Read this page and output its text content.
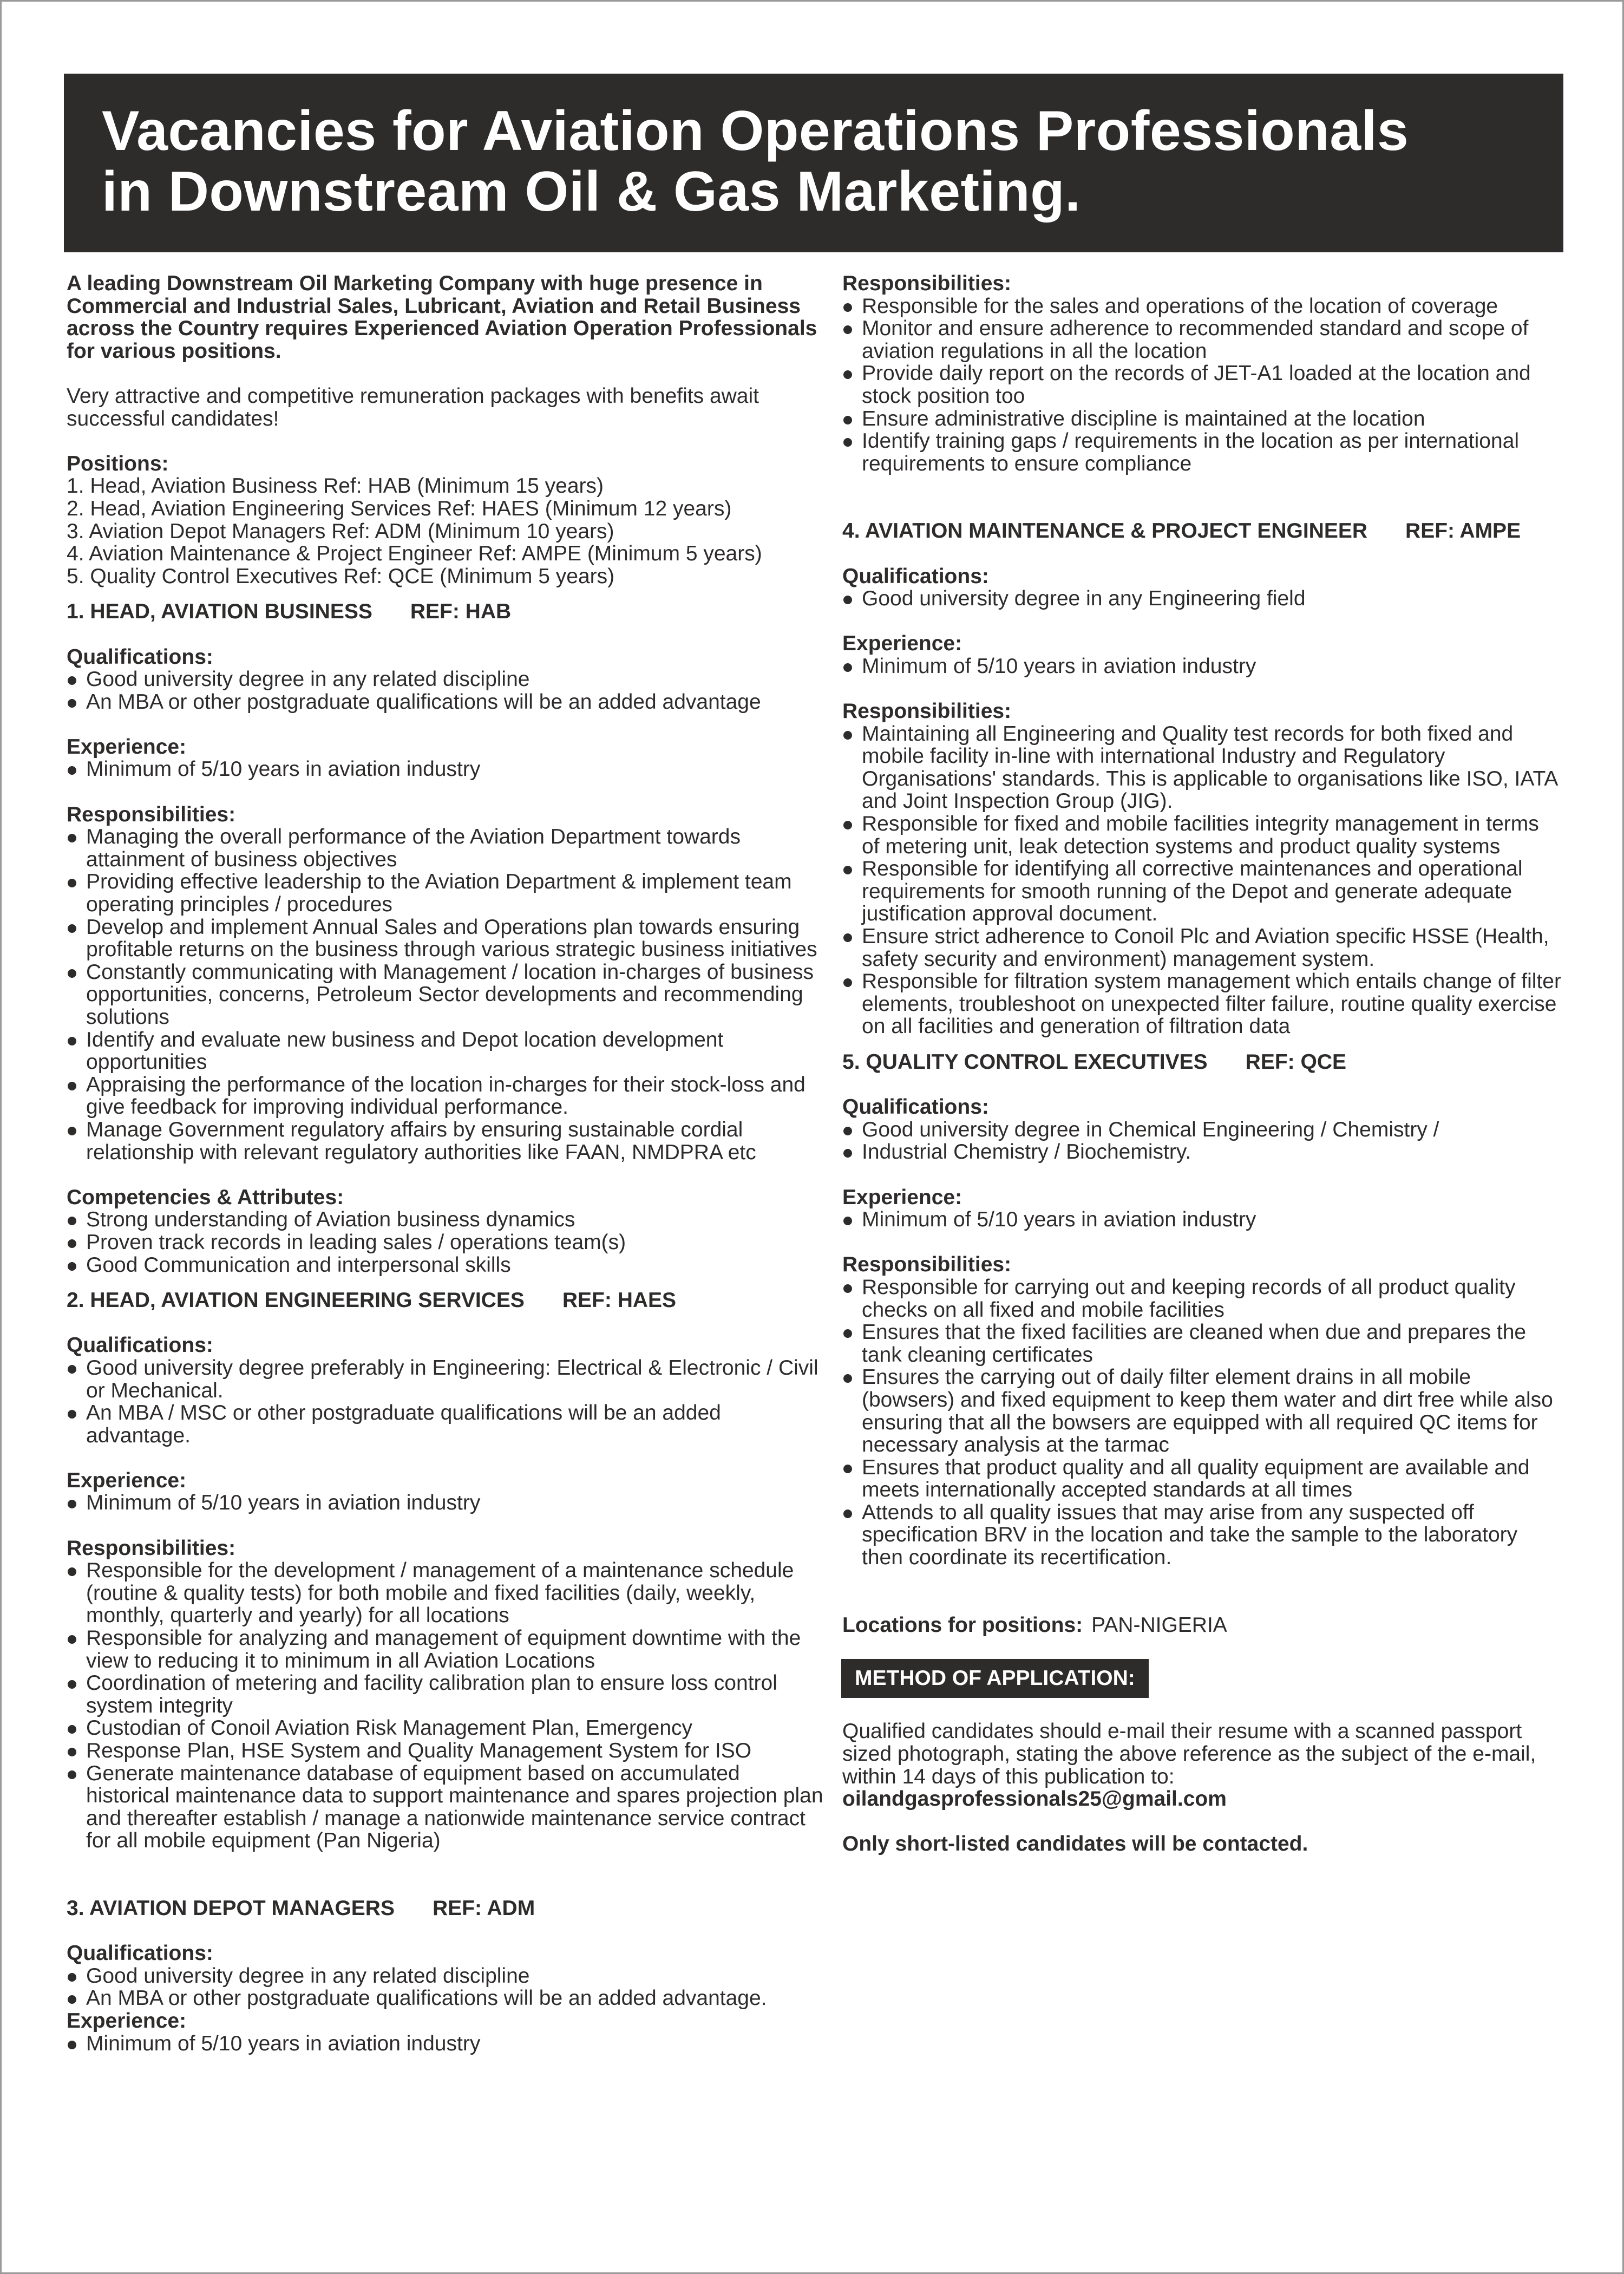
Vacancies for Aviation Operations Professionals
in Downstream Oil & Gas Marketing.

A leading Downstream Oil Marketing Company with huge presence in Commercial and Industrial Sales, Lubricant, Aviation and Retail Business across the Country requires Experienced Aviation Operation Professionals for various positions.

Very attractive and competitive remuneration packages with benefits await successful candidates!

Positions:

1. Head, Aviation Business Ref: HAB (Minimum 15 years)

2. Head, Aviation Engineering Services Ref: HAES (Minimum 12 years)

3. Aviation Depot Managers Ref: ADM (Minimum 10 years)

4. Aviation Maintenance & Project Engineer Ref: AMPE (Minimum 5 years)

5. Quality Control Executives Ref: QCE (Minimum 5 years)

1. HEAD, AVIATION BUSINESS REF: HAB

Qualifications:

Good university degree in any related discipline
An MBA or other postgraduate qualifications will be an added advantage

Experience:

Minimum of 5/10 years in aviation industry

Responsibilities:

Managing the overall performance of the Aviation Department towards attainment of business objectives
Providing effective leadership to the Aviation Department & implement team operating principles / procedures
Develop and implement Annual Sales and Operations plan towards ensuring profitable returns on the business through various strategic business initiatives
Constantly communicating with Management / location in-charges of business opportunities, concerns, Petroleum Sector developments and recommending solutions
Identify and evaluate new business and Depot location development opportunities
Appraising the performance of the location in-charges for their stock-loss and give feedback for improving individual performance.
Manage Government regulatory affairs by ensuring sustainable cordial relationship with relevant regulatory authorities like FAAN, NMDPRA etc

Competencies & Attributes:

Strong understanding of Aviation business dynamics
Proven track records in leading sales / operations team(s)
Good Communication and interpersonal skills

2. HEAD, AVIATION ENGINEERING SERVICES REF: HAES

Qualifications:

Good university degree preferably in Engineering: Electrical & Electronic / Civil or Mechanical.
An MBA / MSC or other postgraduate qualifications will be an added advantage.

Experience:

Minimum of 5/10 years in aviation industry

Responsibilities:

Responsible for the development / management of a maintenance schedule (routine & quality tests) for both mobile and fixed facilities (daily, weekly, monthly, quarterly and yearly) for all locations
Responsible for analyzing and management of equipment downtime with the view to reducing it to minimum in all Aviation Locations
Coordination of metering and facility calibration plan to ensure loss control system integrity
Custodian of Conoil Aviation Risk Management Plan, Emergency
Response Plan, HSE System and Quality Management System for ISO
Generate maintenance database of equipment based on accumulated historical maintenance data to support maintenance and spares projection plan and thereafter establish / manage a nationwide maintenance service contract for all mobile equipment (Pan Nigeria)

3. AVIATION DEPOT MANAGERS REF: ADM

Qualifications:

Good university degree in any related discipline
An MBA or other postgraduate qualifications will be an added advantage.

Experience:

Minimum of 5/10 years in aviation industry

Responsibilities:

Responsible for the sales and operations of the location of coverage
Monitor and ensure adherence to recommended standard and scope of aviation regulations in all the location
Provide daily report on the records of JET-A1 loaded at the location and stock position too
Ensure administrative discipline is maintained at the location
Identify training gaps / requirements in the location as per international requirements to ensure compliance

4. AVIATION MAINTENANCE & PROJECT ENGINEER REF: AMPE

Qualifications:

Good university degree in any Engineering field

Experience:

Minimum of 5/10 years in aviation industry

Responsibilities:

Maintaining all Engineering and Quality test records for both fixed and mobile facility in-line with international Industry and Regulatory Organisations' standards. This is applicable to organisations like ISO, IATA and Joint Inspection Group (JIG).
Responsible for fixed and mobile facilities integrity management in terms of metering unit, leak detection systems and product quality systems
Responsible for identifying all corrective maintenances and operational requirements for smooth running of the Depot and generate adequate justification approval document.
Ensure strict adherence to Conoil Plc and Aviation specific HSSE (Health, safety security and environment) management system.
Responsible for filtration system management which entails change of filter elements, troubleshoot on unexpected filter failure, routine quality exercise on all facilities and generation of filtration data

5. QUALITY CONTROL EXECUTIVES REF: QCE

Qualifications:

Good university degree in Chemical Engineering / Chemistry /
Industrial Chemistry / Biochemistry.

Experience:

Minimum of 5/10 years in aviation industry

Responsibilities:

Responsible for carrying out and keeping records of all product quality checks on all fixed and mobile facilities
Ensures that the fixed facilities are cleaned when due and prepares the tank cleaning certificates
Ensures the carrying out of daily filter element drains in all mobile (bowsers) and fixed equipment to keep them water and dirt free while also ensuring that all the bowsers are equipped with all required QC items for necessary analysis at the tarmac
Ensures that product quality and all quality equipment are available and meets internationally accepted standards at all times
Attends to all quality issues that may arise from any suspected off specification BRV in the location and take the sample to the laboratory then coordinate its recertification.

Locations for positions: PAN-NIGERIA

METHOD OF APPLICATION:

Qualified candidates should e-mail their resume with a scanned passport sized photograph, stating the above reference as the subject of the e-mail, within 14 days of this publication to:

oilandgasprofessionals25@gmail.com

Only short-listed candidates will be contacted.
